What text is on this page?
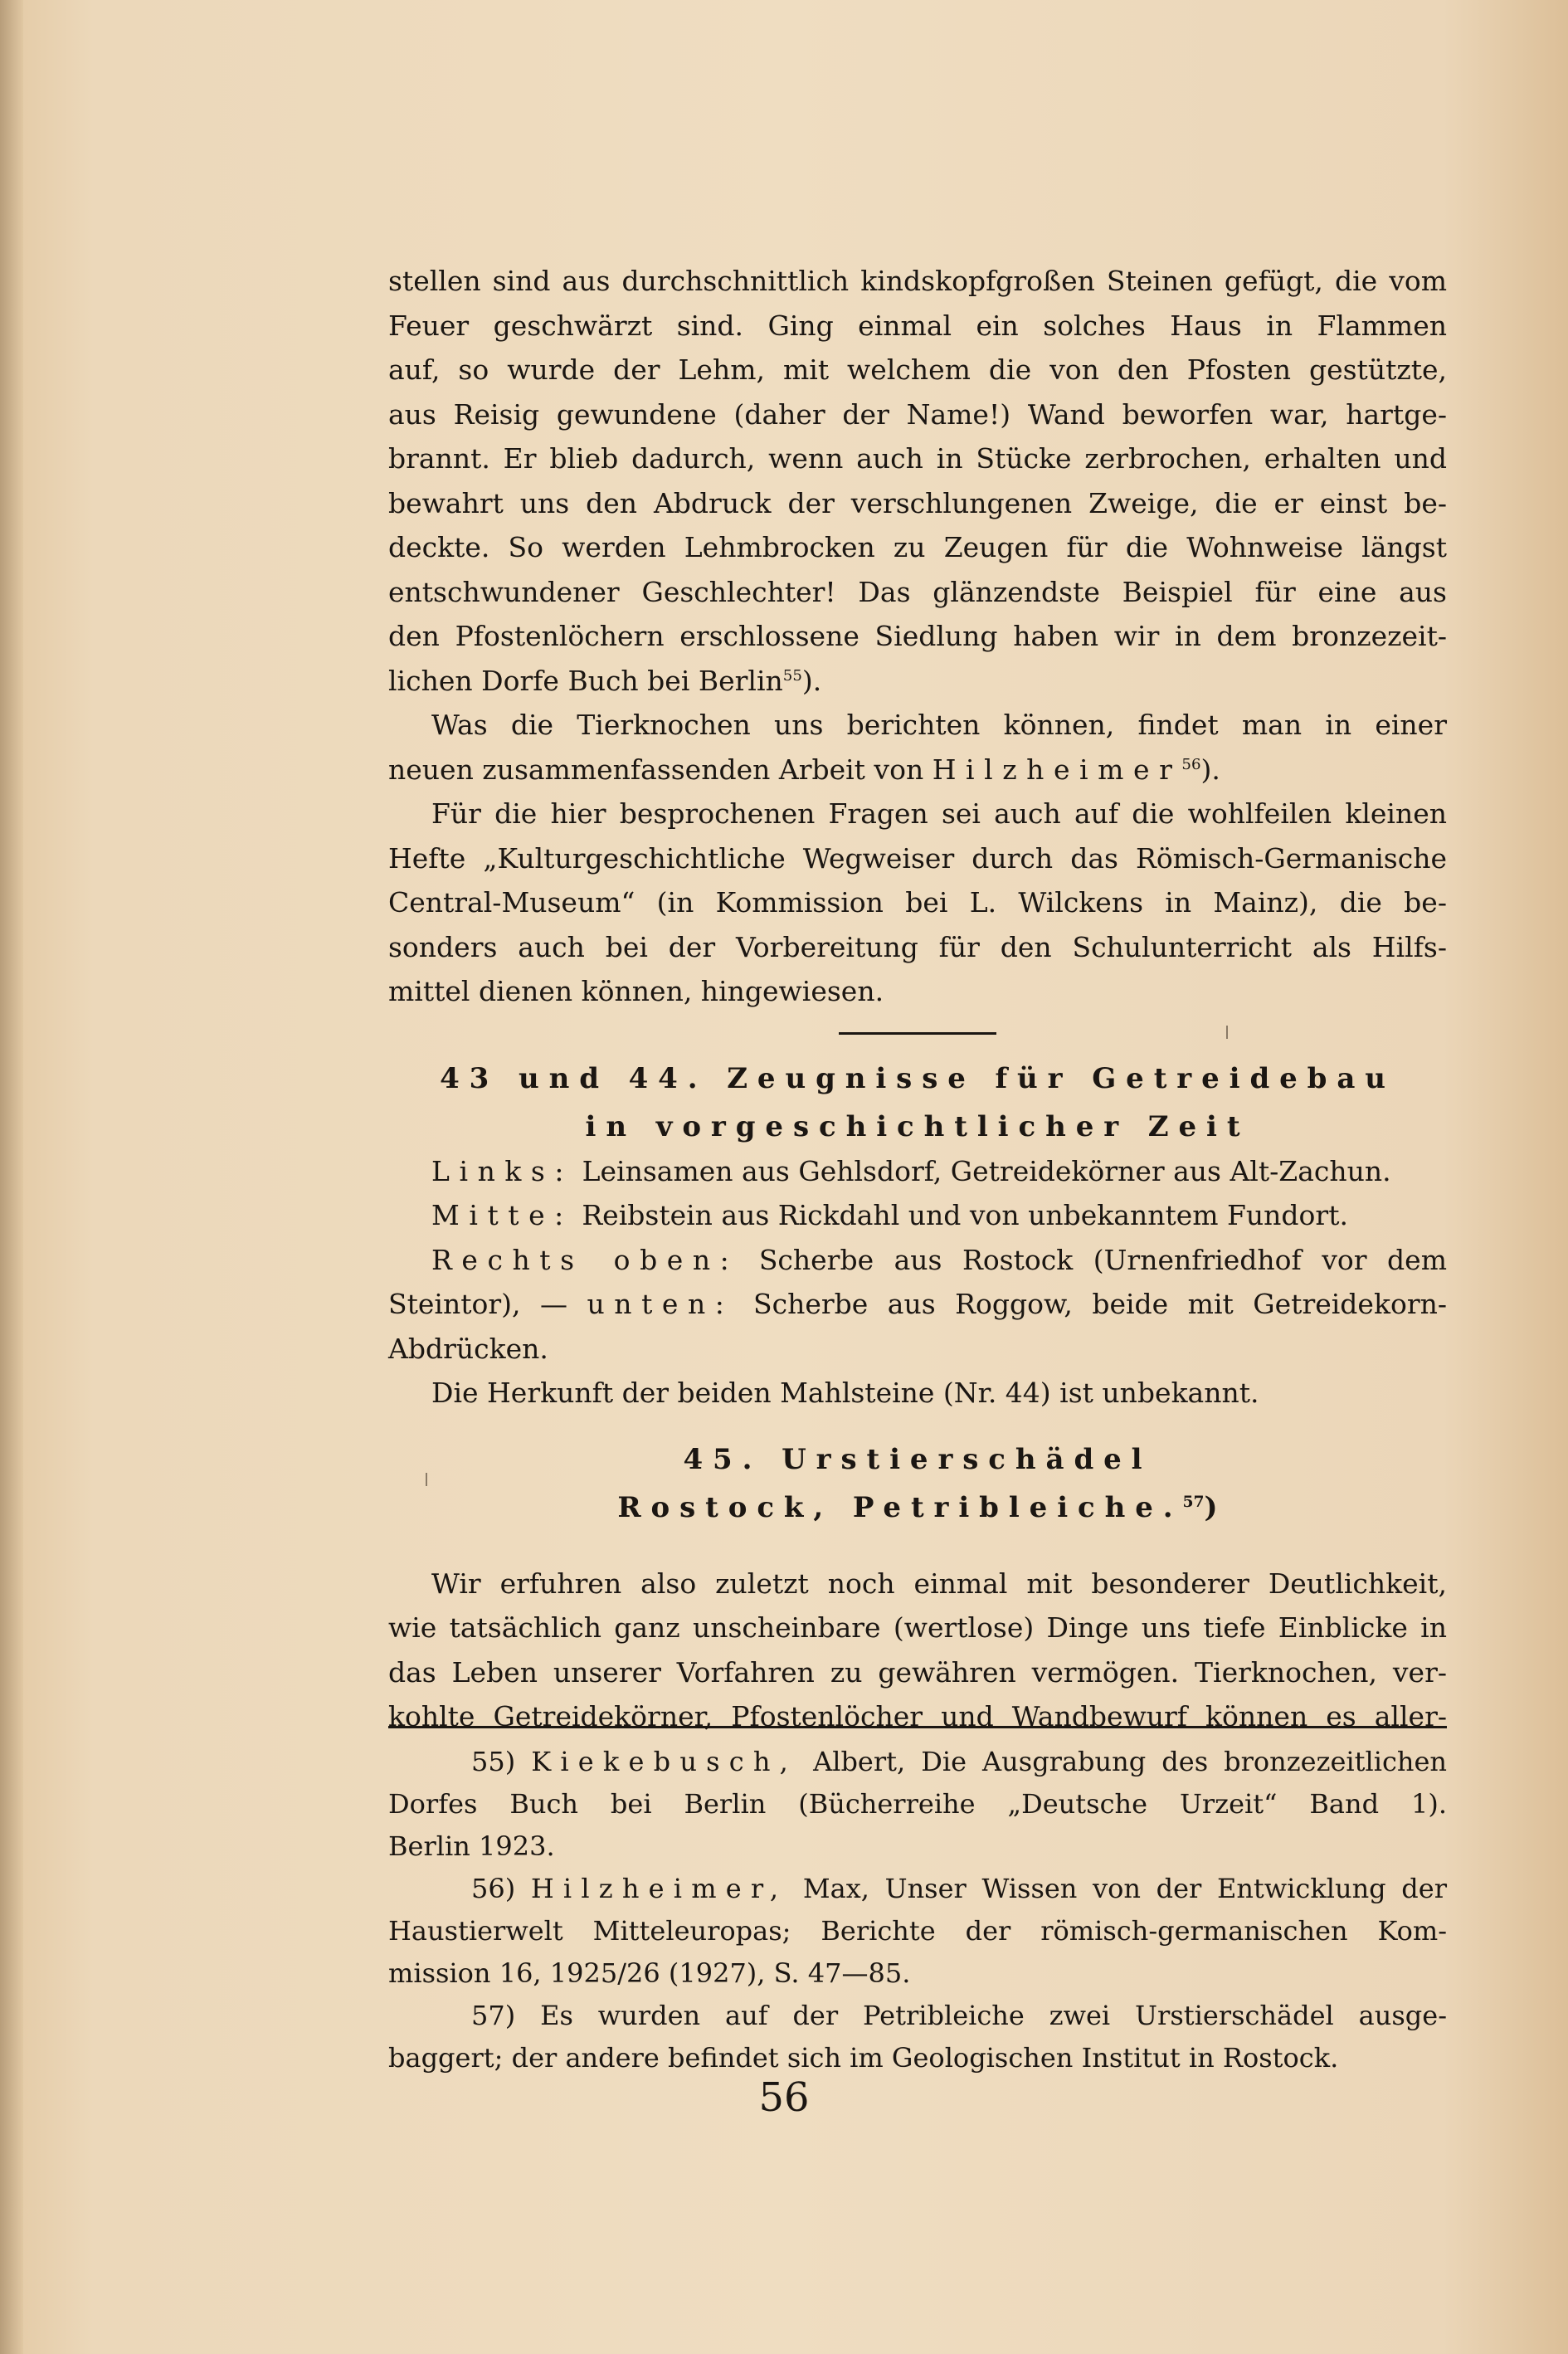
stellen sind aus durchschnittlich kindskopfgroßen Steinen gefügt, die vom

Feuer geschwärzt sind. Ging einmal ein solches Haus in Flammen

auf, so wurde der Lehm, mit welchem die von den Pfosten gestützte,

aus Reisig gewundene (daher der Name!) Wand beworfen war, hartge-

brannt. Er blieb dadurch, wenn auch in Stücke zerbrochen, erhalten und

bewahrt uns den Abdruck der verschlungenen Zweige, die er einst be-

deckte. So werden Lehmbrocken zu Zeugen für die Wohnweise längst

entschwundener Geschlechter! Das glänzendste Beispiel für eine aus

den Pfostenlöchern erschlossene Siedlung haben wir in dem bronzezeit-

lichen Dorfe Buch bei Berlin$^{55}$).

Was die Tierknochen uns berichten können, findet man in einer

neuen zusammenfassenden Arbeit von Hilzheimer$^{56}$).

Für die hier besprochenen Fragen sei auch auf die wohlfeilen kleinen

Hefte „Kulturgeschichtliche Wegweiser durch das Römisch-Germanische

Central-Museum“ (in Kommission bei L. Wilckens in Mainz), die be-

sonders auch bei der Vorbereitung für den Schulunterricht als Hilfs-

mittel dienen können, hingewiesen.

43 und 44. Zeugnisse für Getreidebau

in vorgeschichtlicher Zeit

Links: Leinsamen aus Gehlsdorf, Getreidekörner aus Alt-Zachun.

Mitte: Reibstein aus Rickdahl und von unbekanntem Fundort.

Rechts oben: Scherbe aus Rostock (Urnenfriedhof vor dem

Steintor), — unten: Scherbe aus Roggow, beide mit Getreidekorn-

Abdrücken.

Die Herkunft der beiden Mahlsteine (Nr. 44) ist unbekannt.

45. Urstierschädel

Rostock, Petribleiche.$^{57}$)

Wir erfuhren also zuletzt noch einmal mit besonderer Deutlichkeit,

wie tatsächlich ganz unscheinbare (wertlose) Dinge uns tiefe Einblicke in

das Leben unserer Vorfahren zu gewähren vermögen. Tierknochen, ver-

kohlte Getreidekörner, Pfostenlöcher und Wandbewurf können es aller-

55) Kiekebusch, Albert, Die Ausgrabung des bronzezeitlichen

Dorfes Buch bei Berlin (Bücherreihe „Deutsche Urzeit“ Band 1).

Berlin 1923.

56) Hilzheimer, Max, Unser Wissen von der Entwicklung der

Haustierwelt Mitteleuropas; Berichte der römisch-germanischen Kom-

mission 16, 1925/26 (1927), S. 47—85.

57) Es wurden auf der Petribleiche zwei Urstierschädel ausge-

baggert; der andere befindet sich im Geologischen Institut in Rostock.

56
